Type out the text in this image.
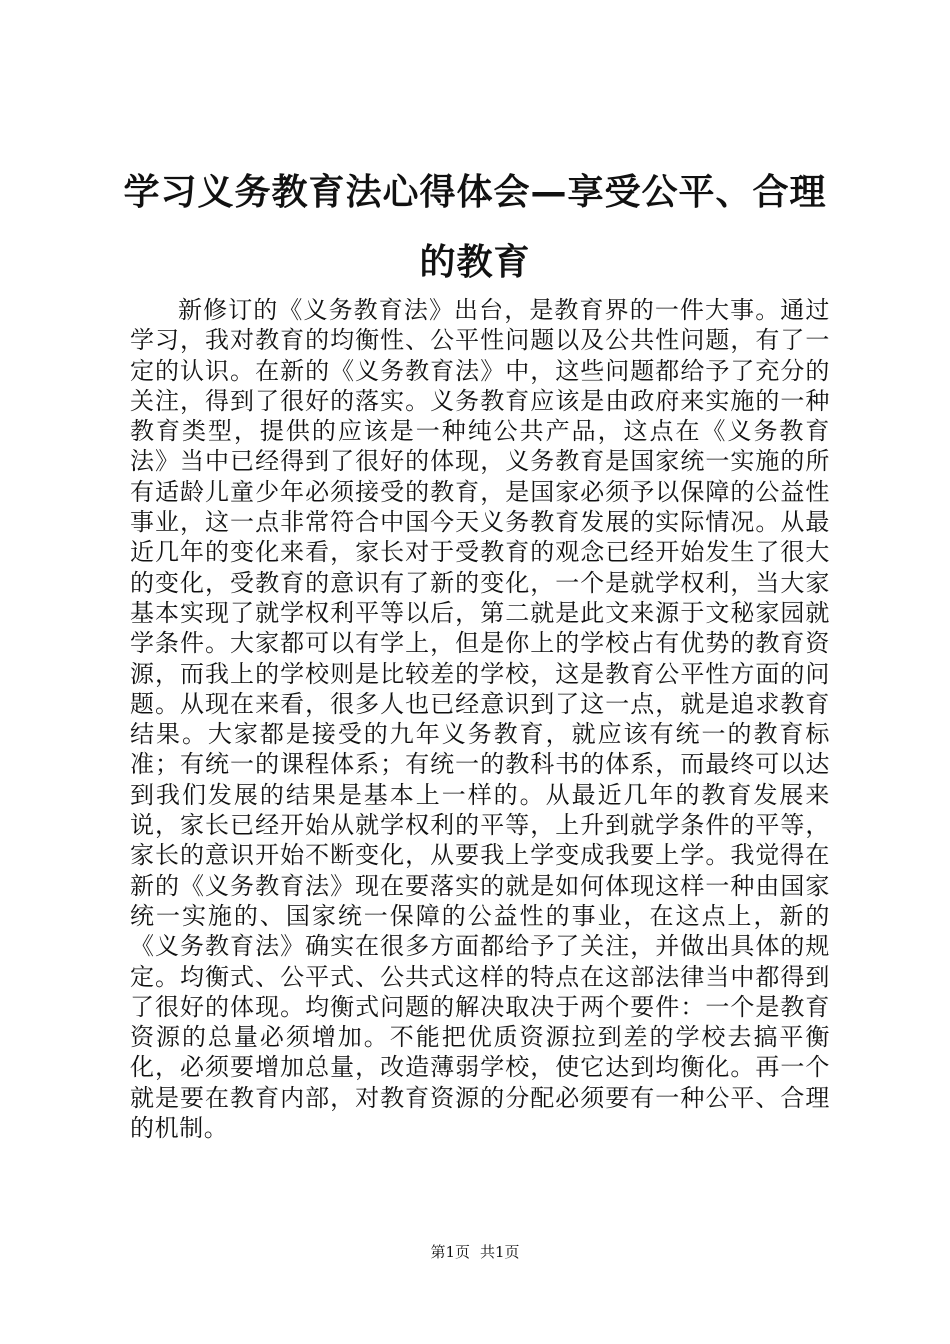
学习义务教育法心得体会—享受公平、合理的教育

新修订的《义务教育法》出台，是教育界的一件大事。通过学习，我对教育的均衡性、公平性问题以及公共性问题，有了一定的认识。在新的《义务教育法》中，这些问题都给予了充分的关注，得到了很好的落实。义务教育应该是由政府来实施的一种教育类型，提供的应该是一种纯公共产品，这点在《义务教育法》当中已经得到了很好的体现，义务教育是国家统一实施的所有适龄儿童少年必须接受的教育，是国家必须予以保障的公益性事业，这一点非常符合中国今天义务教育发展的实际情况。从最近几年的变化来看，家长对于受教育的观念已经开始发生了很大的变化，受教育的意识有了新的变化，一个是就学权利，当大家基本实现了就学权利平等以后，第二就是此文来源于文秘家园就学条件。大家都可以有学上，但是你上的学校占有优势的教育资源，而我上的学校则是比较差的学校，这是教育公平性方面的问题。从现在来看，很多人也已经意识到了这一点，就是追求教育结果。大家都是接受的九年义务教育，就应该有统一的教育标准；有统一的课程体系；有统一的教科书的体系，而最终可以达到我们发展的结果是基本上一样的。从最近几年的教育发展来说，家长已经开始从就学权利的平等，上升到就学条件的平等，家长的意识开始不断变化，从要我上学变成我要上学。我觉得在新的《义务教育法》现在要落实的就是如何体现这样一种由国家统一实施的、国家统一保障的公益性的事业，在这点上，新的《义务教育法》确实在很多方面都给予了关注，并做出具体的规定。均衡式、公平式、公共式这样的特点在这部法律当中都得到了很好的体现。均衡式问题的解决取决于两个要件：一个是教育资源的总量必须增加。不能把优质资源拉到差的学校去搞平衡化，必须要增加总量，改造薄弱学校，使它达到均衡化。再一个就是要在教育内部，对教育资源的分配必须要有一种公平、合理的机制。

第1页 共1页
